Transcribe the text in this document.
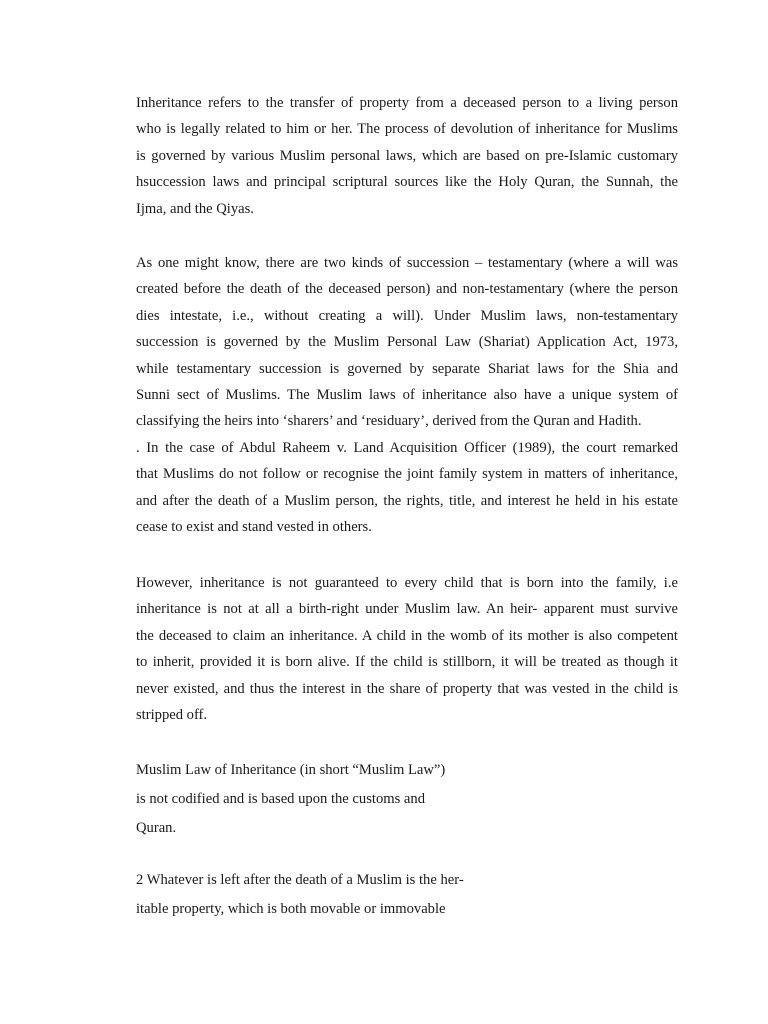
Inheritance refers to the transfer of property from a deceased person to a living person
who is legally related to him or her. The process of devolution of inheritance for Muslims
is governed by various Muslim personal laws, which are based on pre-Islamic customary
hsuccession laws and principal scriptural sources like the Holy Quran, the Sunnah, the
Ijma, and the Qiyas.
As one might know, there are two kinds of succession – testamentary (where a will was
created before the death of the deceased person) and non-testamentary (where the person
dies intestate, i.e., without creating a will). Under Muslim laws, non-testamentary
succession is governed by the Muslim Personal Law (Shariat) Application Act, 1973,
while testamentary succession is governed by separate Shariat laws for the Shia and
Sunni sect of Muslims. The Muslim laws of inheritance also have a unique system of
classifying the heirs into ‘sharers’ and ‘residuary’, derived from the Quran and Hadith.
. In the case of Abdul Raheem v. Land Acquisition Officer (1989), the court remarked
that Muslims do not follow or recognise the joint family system in matters of inheritance,
and after the death of a Muslim person, the rights, title, and interest he held in his estate
cease to exist and stand vested in others.
However, inheritance is not guaranteed to every child that is born into the family, i.e
inheritance is not at all a birth-right under Muslim law. An heir- apparent must survive
the deceased to claim an inheritance. A child in the womb of its mother is also competent
to inherit, provided it is born alive. If the child is stillborn, it will be treated as though it
never existed, and thus the interest in the share of property that was vested in the child is
stripped off.
Muslim Law of Inheritance (in short “Muslim Law”)
is not codified and is based upon the customs and
Quran.
2 Whatever is left after the death of a Muslim is the her-
itable property, which is both movable or immovable
